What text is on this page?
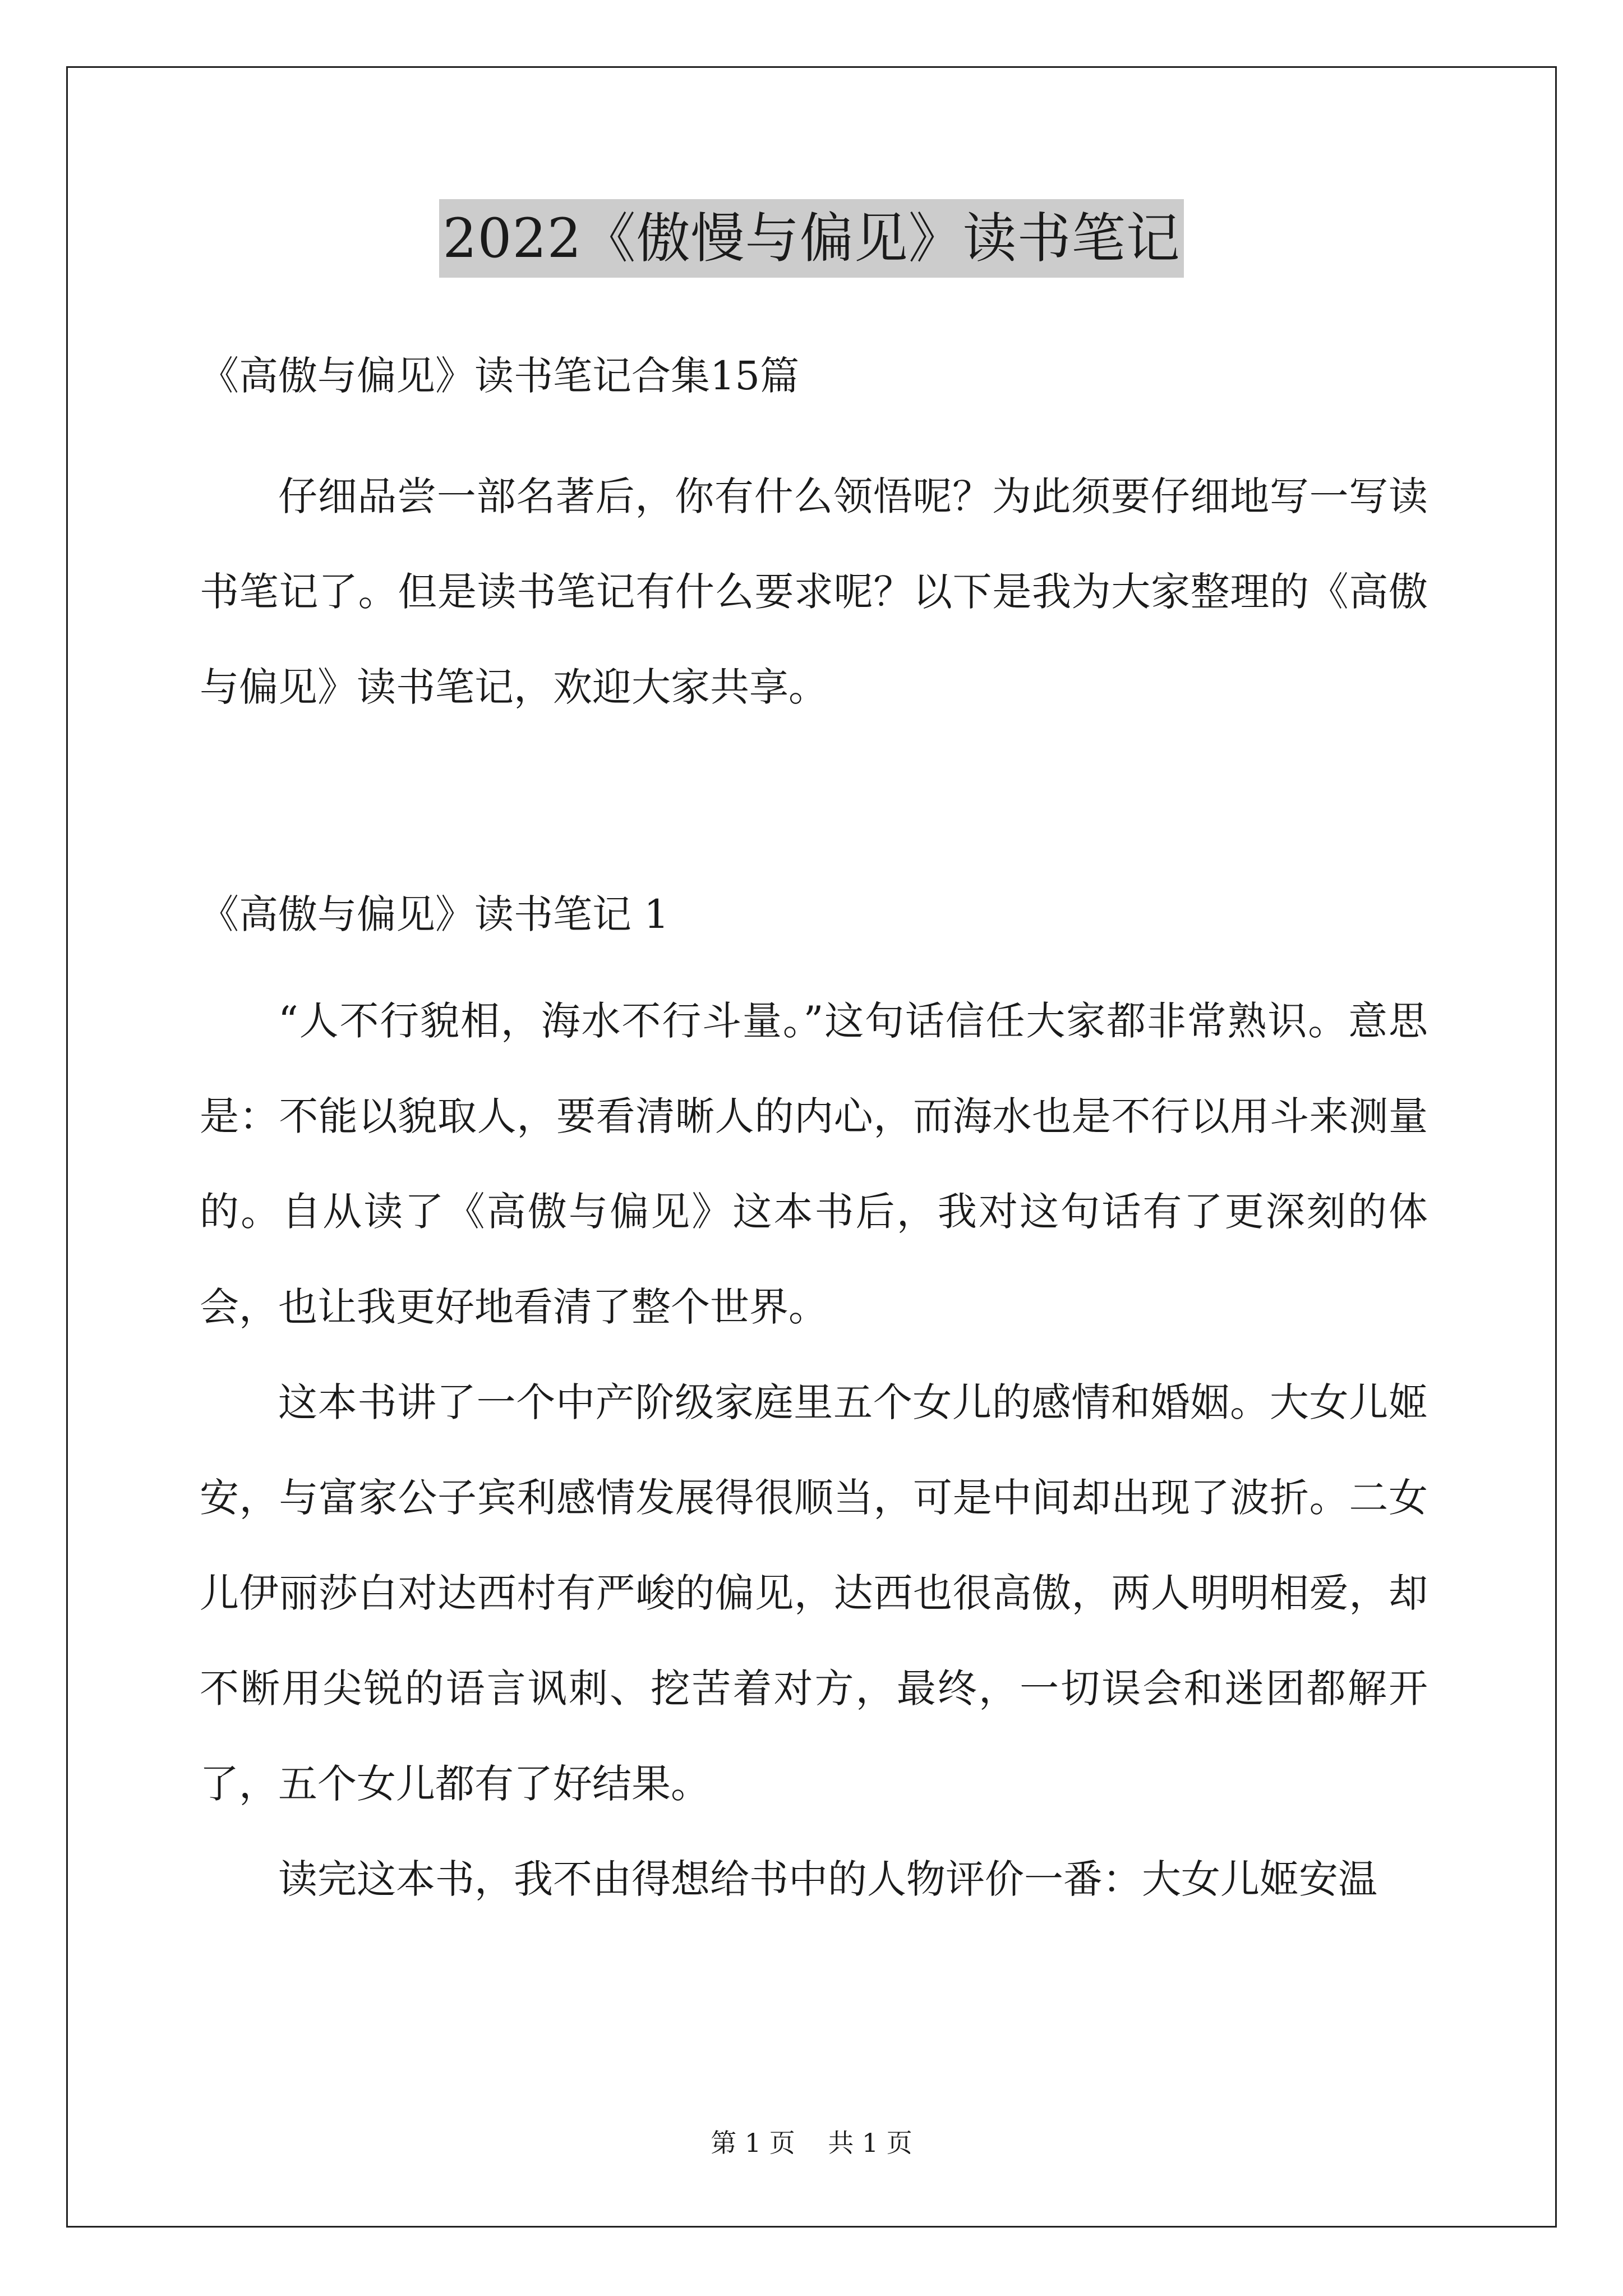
2022《傲慢与偏见》读书笔记
《高傲与偏见》读书笔记合集15篇
仔细品尝一部名著后，你有什么领悟呢？为此须要仔细地写一写读书笔记了。但是读书笔记有什么要求呢？以下是我为大家整理的《高傲与偏见》读书笔记，欢迎大家共享。
《高傲与偏见》读书笔记 1
“人不行貌相，海水不行斗量。”这句话信任大家都非常熟识。意思是：不能以貌取人，要看清晰人的内心，而海水也是不行以用斗来测量的。自从读了《高傲与偏见》这本书后，我对这句话有了更深刻的体会，也让我更好地看清了整个世界。
这本书讲了一个中产阶级家庭里五个女儿的感情和婚姻。大女儿姬安，与富家公子宾利感情发展得很顺当，可是中间却出现了波折。二女儿伊丽莎白对达西村有严峻的偏见，达西也很高傲，两人明明相爱，却不断用尖锐的语言讽刺、挖苦着对方，最终，一切误会和迷团都解开了，五个女儿都有了好结果。
读完这本书，我不由得想给书中的人物评价一番：大女儿姬安温
第 1 页    共 1 页
